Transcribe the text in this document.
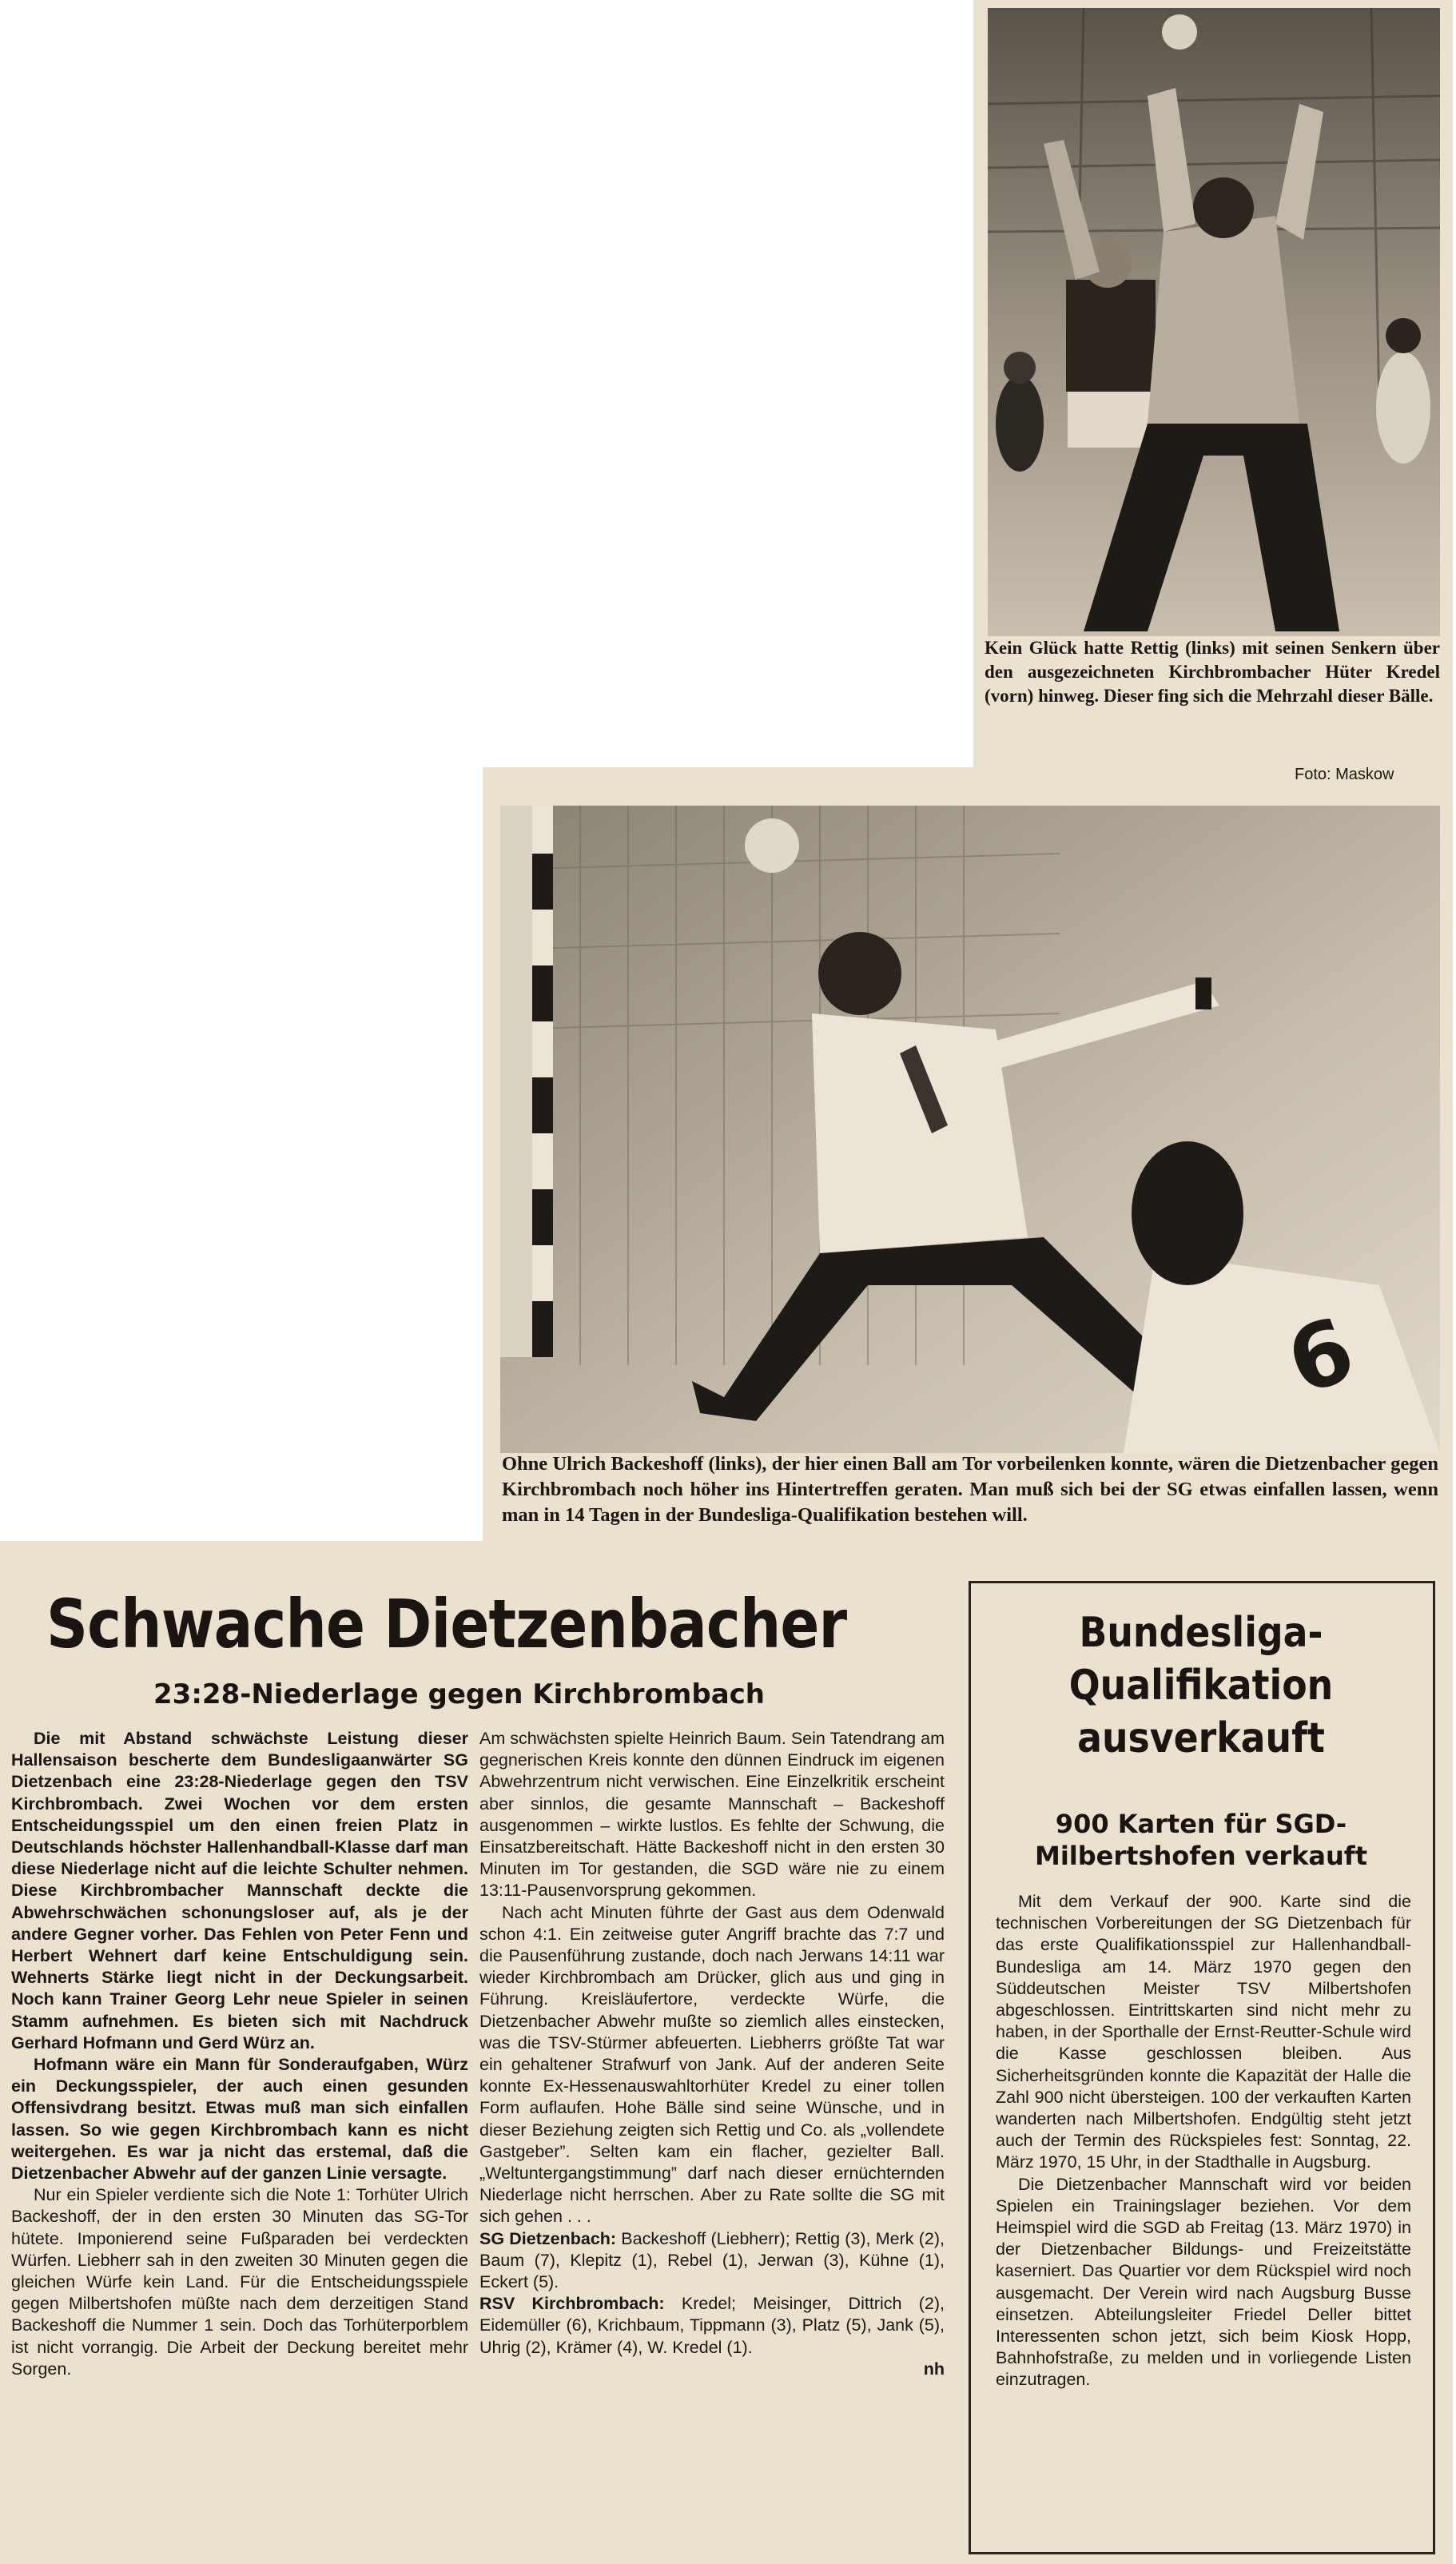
Kein Glück hatte Rettig (links) mit seinen Senkern über den ausgezeichneten Kirchbrombacher Hüter Kredel (vorn) hinweg. Dieser fing sich die Mehrzahl dieser Bälle.
Foto: Maskow
6
Ohne Ulrich Backeshoff (links), der hier einen Ball am Tor vorbeilenken konnte, wären die Dietzenbacher gegen Kirchbrombach noch höher ins Hintertreffen geraten. Man muß sich bei der SG etwas einfallen lassen, wenn man in 14 Tagen in der Bundesliga-Qualifikation bestehen will.
Schwache Dietzenbacher
23:28-Niederlage gegen Kirchbrombach

Die mit Abstand schwächste Leistung dieser Hallensaison bescherte dem Bundesligaanwärter SG Dietzenbach eine 23:28-Niederlage gegen den TSV Kirchbrombach. Zwei Wochen vor dem ersten Entscheidungsspiel um den einen freien Platz in Deutschlands höchster Hallenhandball-Klasse darf man diese Niederlage nicht auf die leichte Schulter nehmen. Diese Kirchbrombacher Mannschaft deckte die Abwehrschwächen schonungsloser auf, als je der andere Gegner vorher. Das Fehlen von Peter Fenn und Herbert Wehnert darf keine Entschuldigung sein. Wehnerts Stärke liegt nicht in der Deckungsarbeit. Noch kann Trainer Georg Lehr neue Spieler in seinen Stamm aufnehmen. Es bieten sich mit Nachdruck Gerhard Hofmann und Gerd Würz an.

Hofmann wäre ein Mann für Sonderaufgaben, Würz ein Deckungsspieler, der auch einen gesunden Offensivdrang besitzt. Etwas muß man sich einfallen lassen. So wie gegen Kirchbrombach kann es nicht weitergehen. Es war ja nicht das erstemal, daß die Dietzenbacher Abwehr auf der ganzen Linie versagte.

Nur ein Spieler verdiente sich die Note 1: Torhüter Ulrich Backeshoff, der in den ersten 30 Minuten das SG-Tor hütete. Imponierend seine Fußparaden bei verdeckten Würfen. Liebherr sah in den zweiten 30 Minuten gegen die gleichen Würfe kein Land. Für die Entscheidungsspiele gegen Milbertshofen müßte nach dem derzeitigen Stand Backeshoff die Nummer 1 sein. Doch das Torhüterporblem ist nicht vorrangig. Die Arbeit der Deckung bereitet mehr Sorgen.

Am schwächsten spielte Heinrich Baum. Sein Tatendrang am gegnerischen Kreis konnte den dünnen Eindruck im eigenen Abwehrzentrum nicht verwischen. Eine Einzelkritik erscheint aber sinnlos, die gesamte Mannschaft – Backeshoff ausgenommen – wirkte lustlos. Es fehlte der Schwung, die Einsatzbereitschaft. Hätte Backeshoff nicht in den ersten 30 Minuten im Tor gestanden, die SGD wäre nie zu einem 13:11-Pausenvorsprung gekommen.

Nach acht Minuten führte der Gast aus dem Odenwald schon 4:1. Ein zeitweise guter Angriff brachte das 7:7 und die Pausenführung zustande, doch nach Jerwans 14:11 war wieder Kirchbrombach am Drücker, glich aus und ging in Führung. Kreisläufertore, verdeckte Würfe, die Dietzenbacher Abwehr mußte so ziemlich alles einstecken, was die TSV-Stürmer abfeuerten. Liebherrs größte Tat war ein gehaltener Strafwurf von Jank. Auf der anderen Seite konnte Ex-Hessenauswahltorhüter Kredel zu einer tollen Form auflaufen. Hohe Bälle sind seine Wünsche, und in dieser Beziehung zeigten sich Rettig und Co. als „vollendete Gastgeber”. Selten kam ein flacher, gezielter Ball. „Weltuntergangstimmung” darf nach dieser ernüchternden Niederlage nicht herrschen. Aber zu Rate sollte die SG mit sich gehen . . .

SG Dietzenbach: Backeshoff (Liebherr); Rettig (3), Merk (2), Baum (7), Klepitz (1), Rebel (1), Jerwan (3), Kühne (1), Eckert (5).

RSV Kirchbrombach: Kredel; Meisinger, Dittrich (2), Eidemüller (6), Krichbaum, Tippmann (3), Platz (5), Jank (5), Uhrig (2), Krämer (4), W. Kredel (1).

nh

Bundesliga-
Qualifikation
ausverkauft
900 Karten für SGD-
Milbertshofen verkauft

Mit dem Verkauf der 900. Karte sind die technischen Vorbereitungen der SG Dietzenbach für das erste Qualifikationsspiel zur Hallenhandball-Bundesliga am 14. März 1970 gegen den Süddeutschen Meister TSV Milbertshofen abgeschlossen. Eintrittskarten sind nicht mehr zu haben, in der Sporthalle der Ernst-Reutter-Schule wird die Kasse geschlossen bleiben. Aus Sicherheitsgründen konnte die Kapazität der Halle die Zahl 900 nicht übersteigen. 100 der verkauften Karten wanderten nach Milbertshofen. Endgültig steht jetzt auch der Termin des Rückspieles fest: Sonntag, 22. März 1970, 15 Uhr, in der Stadthalle in Augsburg.

Die Dietzenbacher Mannschaft wird vor beiden Spielen ein Trainingslager beziehen. Vor dem Heimspiel wird die SGD ab Freitag (13. März 1970) in der Dietzenbacher Bildungs- und Freizeitstätte kaserniert. Das Quartier vor dem Rückspiel wird noch ausgemacht. Der Verein wird nach Augsburg Busse einsetzen. Abteilungsleiter Friedel Deller bittet Interessenten schon jetzt, sich beim Kiosk Hopp, Bahnhofstraße, zu melden und in vorliegende Listen einzutragen.
